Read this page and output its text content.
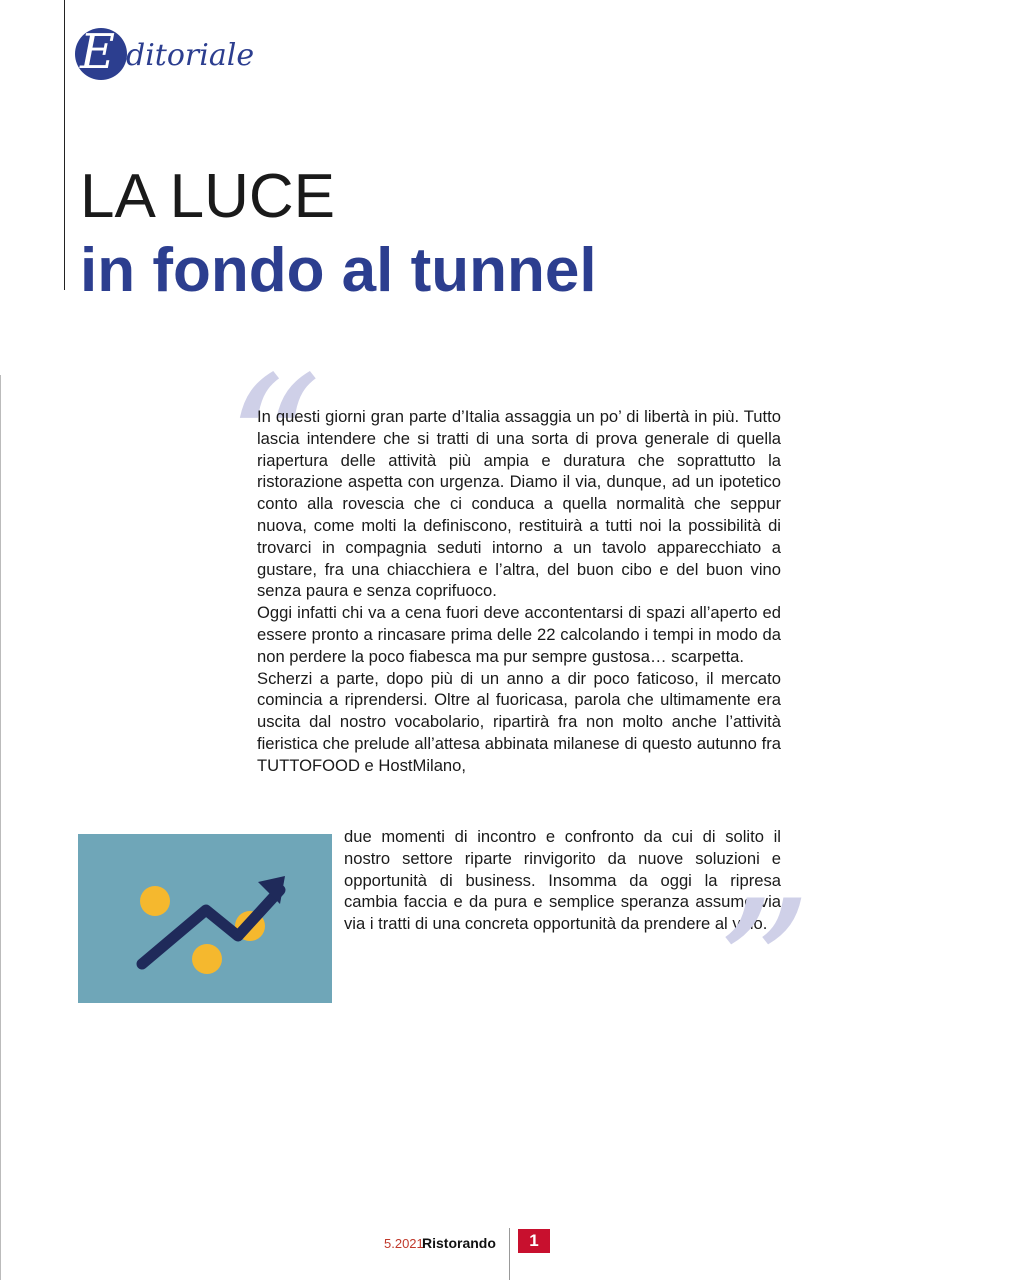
E ditoriale
LA LUCE
in fondo al tunnel
“

In questi giorni gran parte d’Italia assaggia un po’ di libertà in più. Tutto lascia intendere che si tratti di una sorta di prova generale di quella riapertura delle attività più ampia e duratura che soprattutto la ristorazione aspetta con urgenza. Diamo il via, dunque, ad un ipotetico conto alla rovescia che ci conduca a quella normalità che seppur nuova, come molti la definiscono, restituirà a tutti noi la possibilità di trovarci in compagnia seduti intorno a un tavolo apparecchiato a gustare, fra una chiacchiera e l’altra, del buon cibo e del buon vino senza paura e senza coprifuoco.

Oggi infatti chi va a cena fuori deve accontentarsi di spazi all’aperto ed essere pronto a rincasare prima delle 22 calcolando i tempi in modo da non perdere la poco fiabesca ma pur sempre gustosa… scarpetta.

Scherzi a parte, dopo più di un anno a dir poco faticoso, il mercato comincia a riprendersi. Oltre al fuoricasa, parola che ultimamente era uscita dal nostro vocabolario, ripartirà fra non molto anche l’attività fieristica che prelude all’attesa abbinata milanese di questo autunno fra TUTTOFOOD e HostMilano,

due momenti di incontro e confronto da cui di solito il nostro settore riparte rinvigorito da nuove soluzioni e opportunità di business. Insomma da oggi la ripresa cambia faccia e da pura e semplice speranza assume via via i tratti di una concreta opportunità da prendere al volo.

”
5.2021
Ristorando	1
